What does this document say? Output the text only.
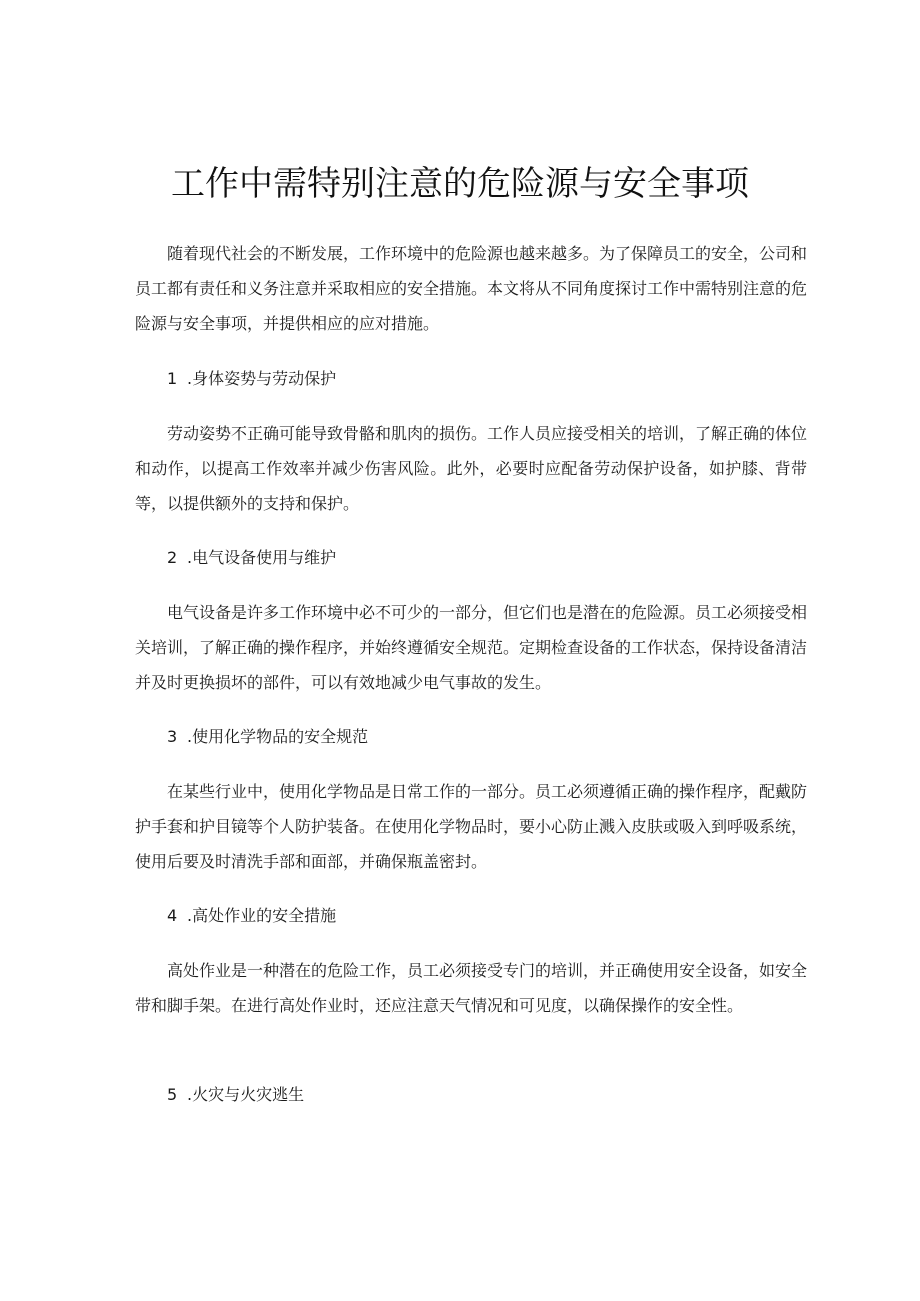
工作中需特别注意的危险源与安全事项

随着现代社会的不断发展，工作环境中的危险源也越来越多。为了保障员工的安全，公司和员工都有责任和义务注意并采取相应的安全措施。本文将从不同角度探讨工作中需特别注意的危险源与安全事项，并提供相应的应对措施。

1 .身体姿势与劳动保护

劳动姿势不正确可能导致骨骼和肌肉的损伤。工作人员应接受相关的培训，了解正确的体位和动作，以提高工作效率并减少伤害风险。此外，必要时应配备劳动保护设备，如护膝、背带等，以提供额外的支持和保护。

2 .电气设备使用与维护

电气设备是许多工作环境中必不可少的一部分，但它们也是潜在的危险源。员工必须接受相关培训，了解正确的操作程序，并始终遵循安全规范。定期检查设备的工作状态，保持设备清洁并及时更换损坏的部件，可以有效地减少电气事故的发生。

3 .使用化学物品的安全规范

在某些行业中，使用化学物品是日常工作的一部分。员工必须遵循正确的操作程序，配戴防护手套和护目镜等个人防护装备。在使用化学物品时，要小心防止溅入皮肤或吸入到呼吸系统，使用后要及时清洗手部和面部，并确保瓶盖密封。

4 .高处作业的安全措施

高处作业是一种潜在的危险工作，员工必须接受专门的培训，并正确使用安全设备，如安全带和脚手架。在进行高处作业时，还应注意天气情况和可见度，以确保操作的安全性。

5 .火灾与火灾逃生
